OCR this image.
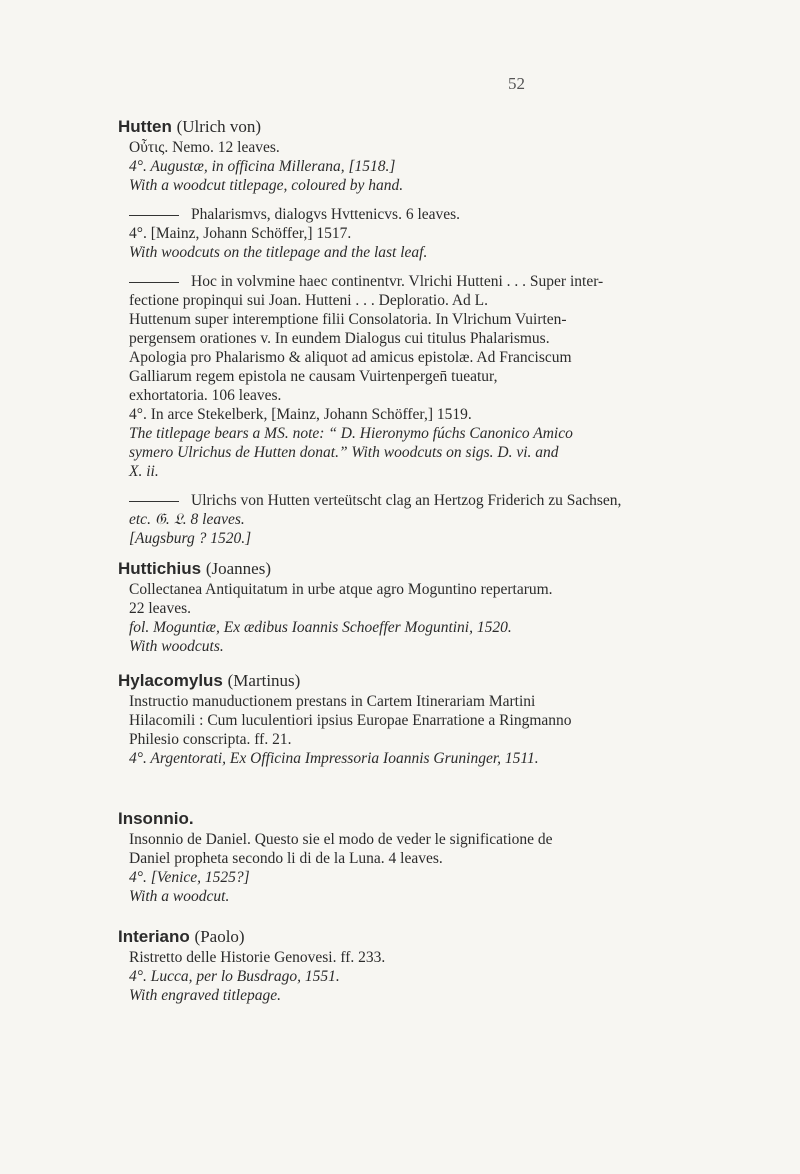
52
Hutten (Ulrich von)
Οὖτις. Nemo. 12 leaves.
4°. Augustæ, in officina Millerana, [1518.]
With a woodcut titlepage, coloured by hand.
Phalarismvs, dialogvs Hvttenicvs. 6 leaves.
4°. [Mainz, Johann Schöffer,] 1517.
With woodcuts on the titlepage and the last leaf.
Hoc in volvmine haec continentvr. Vlrichi Hutteni . . . Super inter-
fectione propinqui sui Joan. Hutteni . . . Deploratio. Ad L.
Huttenum super interemptione filii Consolatoria. In Vlrichum Vuirten-
pergensem orationes v. In eundem Dialogus cui titulus Phalarismus.
Apologia pro Phalarismo & aliquot ad amicus epistolæ. Ad Franciscum
Galliarum regem epistola ne causam Vuirtenpergen̄ tueatur,
exhortatoria. 106 leaves.
4°. In arce Stekelberk, [Mainz, Johann Schöffer,] 1519.
The titlepage bears a MS. note: “ D. Hieronymo fúchs Canonico Amico
symero Ulrichus de Hutten donat.” With woodcuts on sigs. D. vi. and
X. ii.
Ulrichs von Hutten verteütscht clag an Hertzog Friderich zu Sachsen,
etc. 𝔊. 𝔏. 8 leaves.
[Augsburg ? 1520.]
Huttichius (Joannes)
Collectanea Antiquitatum in urbe atque agro Moguntino repertarum.
22 leaves.
fol. Moguntiæ, Ex ædibus Ioannis Schoeffer Moguntini, 1520.
With woodcuts.
Hylacomylus (Martinus)
Instructio manuductionem prestans in Cartem Itinerariam Martini
Hilacomili : Cum luculentiori ipsius Europae Enarratione a Ringmanno
Philesio conscripta. ff. 21.
4°. Argentorati, Ex Officina Impressoria Ioannis Gruninger, 1511.
Insonnio.
Insonnio de Daniel. Questo sie el modo de veder le significatione de
Daniel propheta secondo li di de la Luna. 4 leaves.
4°. [Venice, 1525?]
With a woodcut.
Interiano (Paolo)
Ristretto delle Historie Genovesi. ff. 233.
4°. Lucca, per lo Busdrago, 1551.
With engraved titlepage.
